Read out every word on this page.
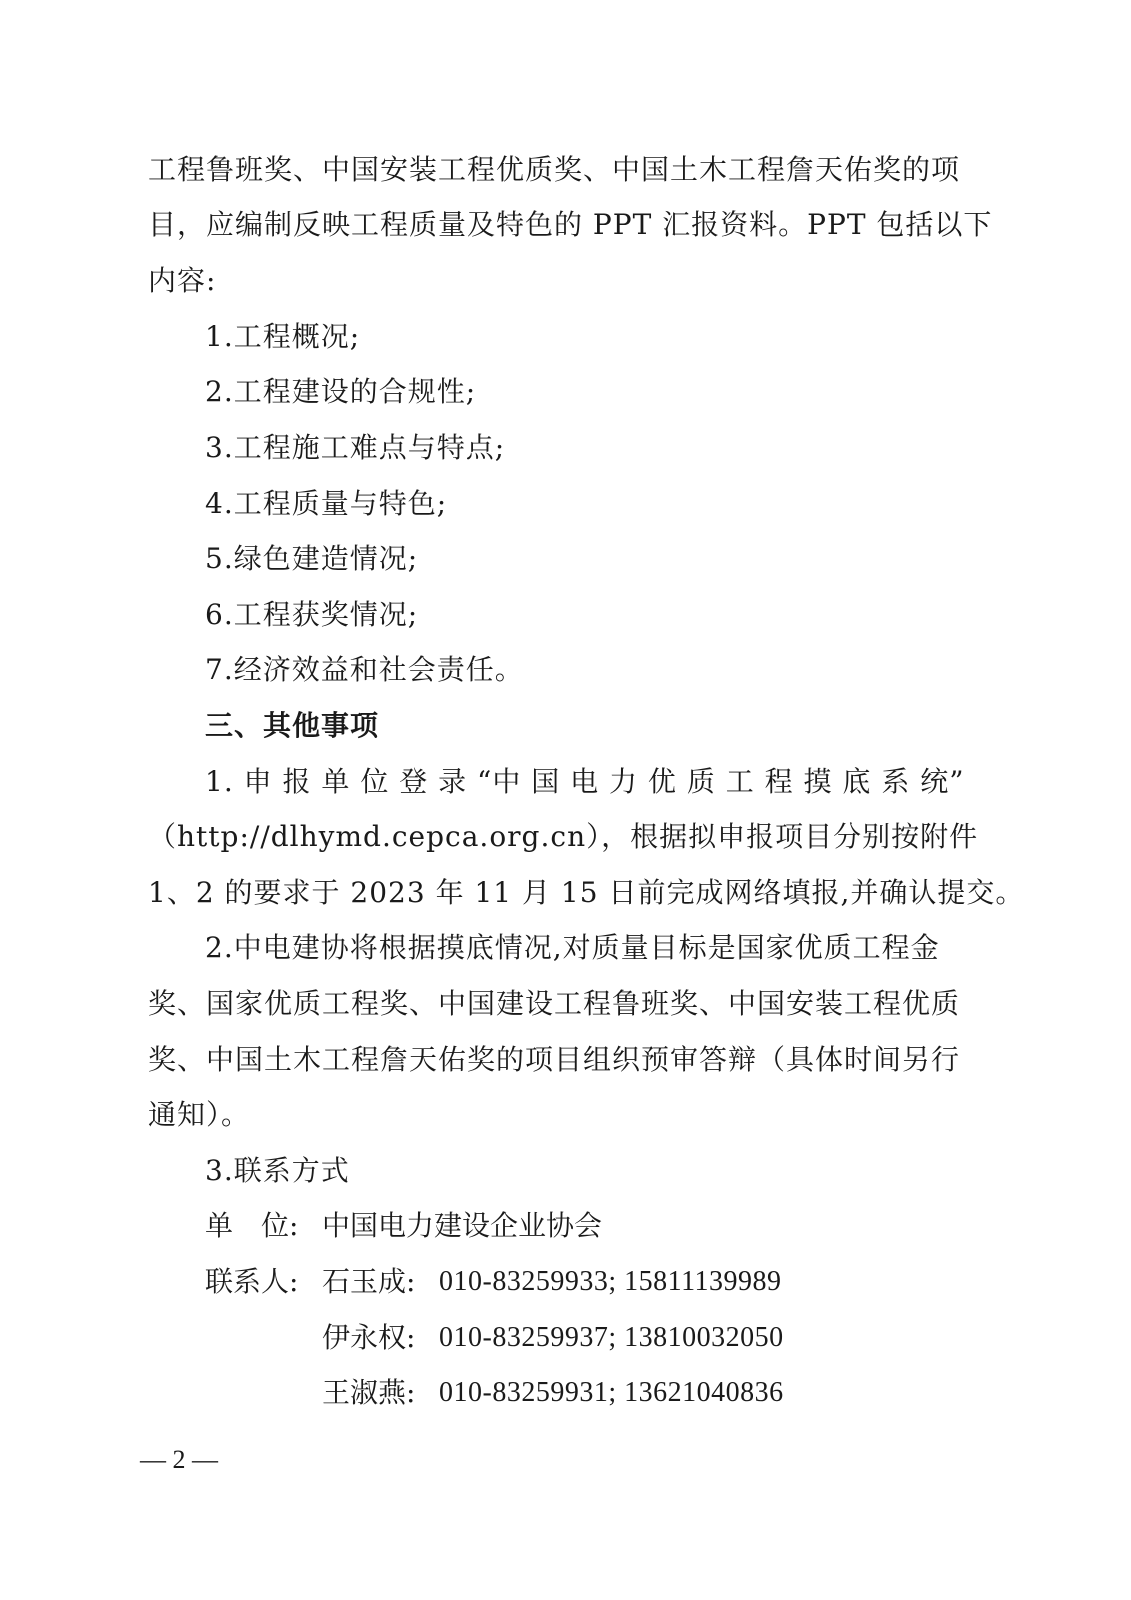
工程鲁班奖、中国安装工程优质奖、中国土木工程詹天佑奖的项
目，应编制反映工程质量及特色的 PPT 汇报资料。PPT 包括以下
内容:
1.工程概况;
2.工程建设的合规性;
3.工程施工难点与特点;
4.工程质量与特色;
5.绿色建造情况;
6.工程获奖情况;
7.经济效益和社会责任。
三、其他事项
1. 申 报 单 位 登 录 “中 国 电 力 优 质 工 程 摸 底 系 统”
（http://dlhymd.cepca.org.cn），根据拟申报项目分别按附件
1、2 的要求于 2023 年 11 月 15 日前完成网络填报,并确认提交。
2.中电建协将根据摸底情况,对质量目标是国家优质工程金
奖、国家优质工程奖、中国建设工程鲁班奖、中国安装工程优质
奖、中国土木工程詹天佑奖的项目组织预审答辩（具体时间另行
通知）。
3.联系方式
单　位: 中国电力建设企业协会
联系人: 石玉成: 010-83259933; 15811139989
伊永权: 010-83259937; 13810032050
王淑燕: 010-83259931; 13621040836
— 2 —
